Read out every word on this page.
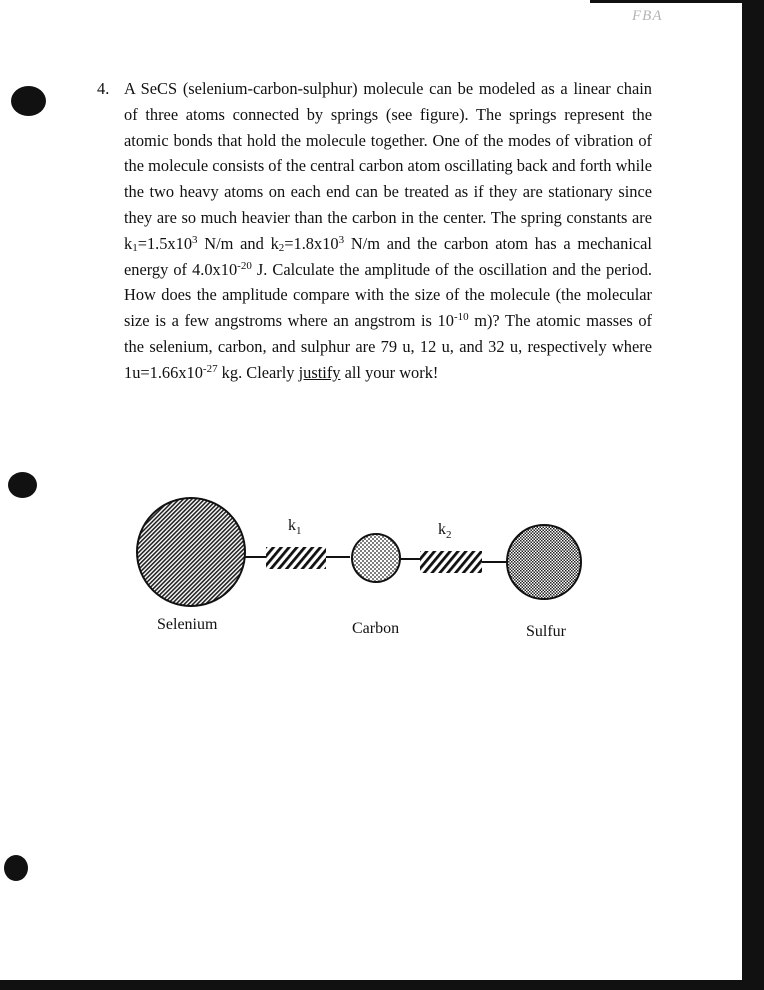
FBA
4. A SeCS (selenium-carbon-sulphur) molecule can be modeled as a linear chain of three atoms connected by springs (see figure). The springs represent the atomic bonds that hold the molecule together. One of the modes of vibration of the molecule consists of the central carbon atom oscillating back and forth while the two heavy atoms on each end can be treated as if they are stationary since they are so much heavier than the carbon in the center. The spring constants are $k_1=1.5x10^3$ N/m and $k_2=1.8x10^3$ N/m and the carbon atom has a mechanical energy of $4.0x10^{-20}$ J. Calculate the amplitude of the oscillation and the period. How does the amplitude compare with the size of the molecule (the molecular size is a few angstroms where an angstrom is $10^{-10}$ m)? The atomic masses of the selenium, carbon, and sulphur are 79 u, 12 u, and 32 u, respectively where $1u=1.66x10^{-27}$ kg. Clearly justify all your work!
$k_1$	$k_2$
Selenium	Carbon	Sulfur
